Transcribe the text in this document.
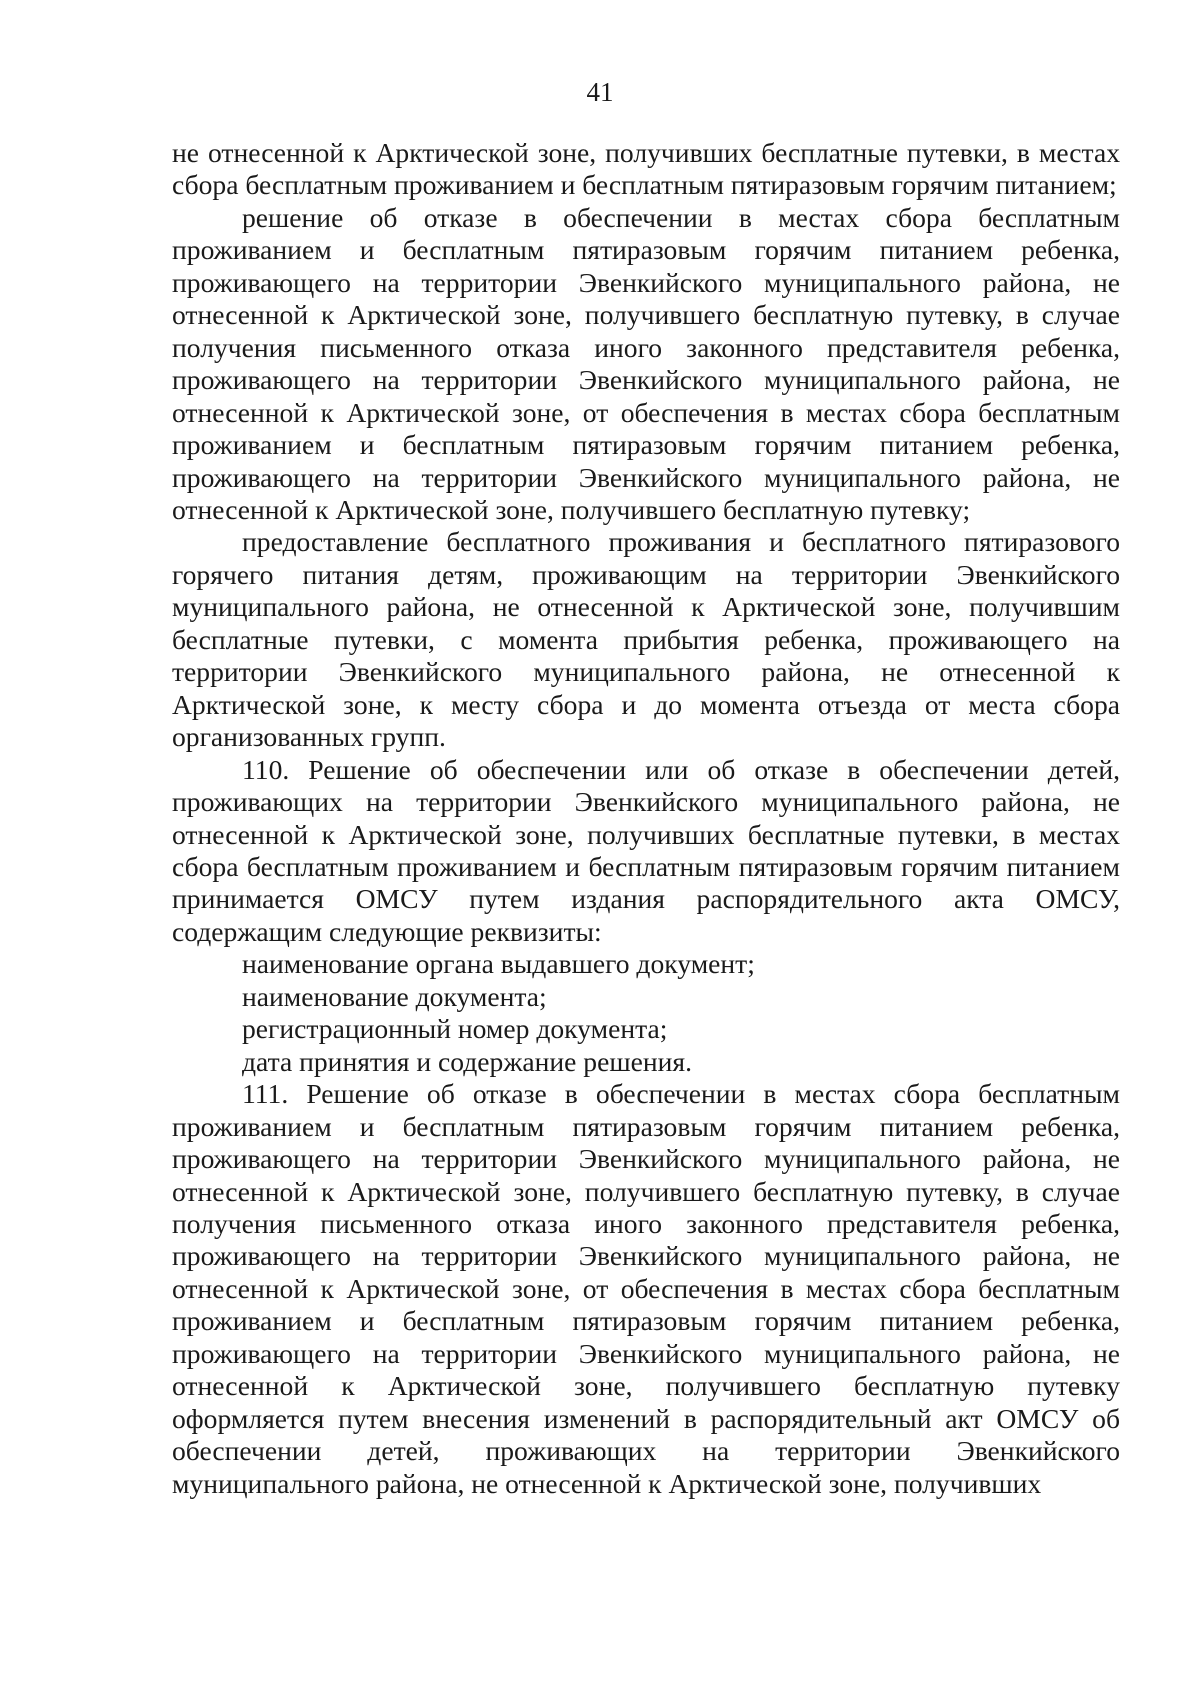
41

не отнесенной к Арктической зоне, получивших бесплатные путевки, в местах сбора бесплатным проживанием и бесплатным пятиразовым горячим питанием;

решение об отказе в обеспечении в местах сбора бесплатным проживанием и бесплатным пятиразовым горячим питанием ребенка, проживающего на территории Эвенкийского муниципального района, не отнесенной к Арктической зоне, получившего бесплатную путевку, в случае получения письменного отказа иного законного представителя ребенка, проживающего на территории Эвенкийского муниципального района, не отнесенной к Арктической зоне, от обеспечения в местах сбора бесплатным проживанием и бесплатным пятиразовым горячим питанием ребенка, проживающего на территории Эвенкийского муниципального района, не отнесенной к Арктической зоне, получившего бесплатную путевку;

предоставление бесплатного проживания и бесплатного пятиразового горячего питания детям, проживающим на территории Эвенкийского муниципального района, не отнесенной к Арктической зоне, получившим бесплатные путевки, с момента прибытия ребенка, проживающего на территории Эвенкийского муниципального района, не отнесенной к Арктической зоне, к месту сбора и до момента отъезда от места сбора организованных групп.

110. Решение об обеспечении или об отказе в обеспечении детей, проживающих на территории Эвенкийского муниципального района, не отнесенной к Арктической зоне, получивших бесплатные путевки, в местах сбора бесплатным проживанием и бесплатным пятиразовым горячим питанием принимается ОМСУ путем издания распорядительного акта ОМСУ, содержащим следующие реквизиты:

наименование органа выдавшего документ;

наименование документа;

регистрационный номер документа;

дата принятия и содержание решения.

111. Решение об отказе в обеспечении в местах сбора бесплатным проживанием и бесплатным пятиразовым горячим питанием ребенка, проживающего на территории Эвенкийского муниципального района, не отнесенной к Арктической зоне, получившего бесплатную путевку, в случае получения письменного отказа иного законного представителя ребенка, проживающего на территории Эвенкийского муниципального района, не отнесенной к Арктической зоне, от обеспечения в местах сбора бесплатным проживанием и бесплатным пятиразовым горячим питанием ребенка, проживающего на территории Эвенкийского муниципального района, не отнесенной к Арктической зоне, получившего бесплатную путевку оформляется путем внесения изменений в распорядительный акт ОМСУ об обеспечении детей, проживающих на территории Эвенкийского муниципального района, не отнесенной к Арктической зоне, получивших
